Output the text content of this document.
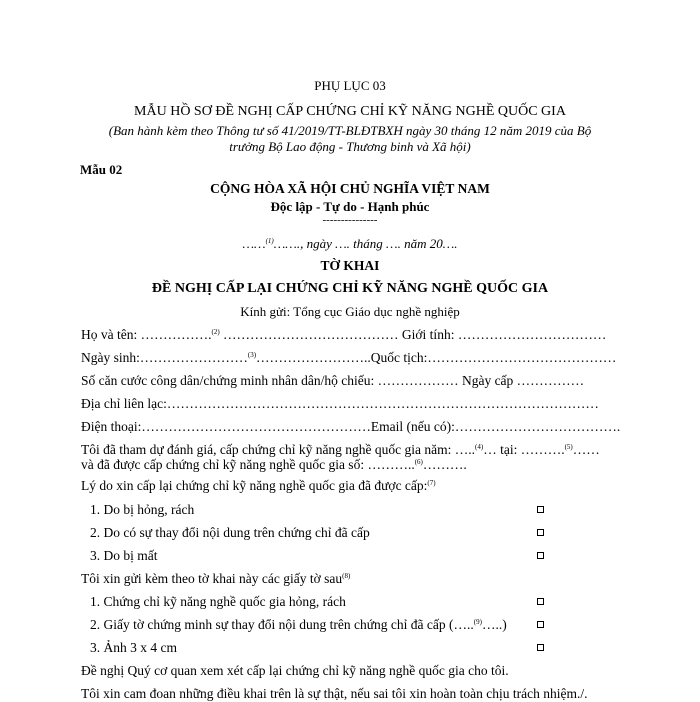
PHỤ LỤC 03
MẪU HỒ SƠ ĐỀ NGHỊ CẤP CHỨNG CHỈ KỸ NĂNG NGHỀ QUỐC GIA
(Ban hành kèm theo Thông tư số 41/2019/TT-BLĐTBXH ngày 30 tháng 12 năm 2019 của Bộ
trưởng Bộ Lao động - Thương binh và Xã hội)
Mẫu 02
CỘNG HÒA XÃ HỘI CHỦ NGHĨA VIỆT NAM
Độc lập - Tự do - Hạnh phúc
---------------
……$^{(1)}$……., ngày …. tháng …. năm 20….
TỜ KHAI
ĐỀ NGHỊ CẤP LẠI CHỨNG CHỈ KỸ NĂNG NGHỀ QUỐC GIA
Kính gửi: Tổng cục Giáo dục nghề nghiệp
Họ và tên: …………….$^{(2)}$ ………………………………… Giới tính: ……………………………
Ngày sinh:……………………$^{(3)}$……………………..Quốc tịch:……………………………………
Số căn cước công dân/chứng minh nhân dân/hộ chiếu: ……………… Ngày cấp ……………
Địa chỉ liên lạc:……………………………………………………………………………………
Điện thoại:……………………………………………Email (nếu có):……………………………….
Tôi đã tham dự đánh giá, cấp chứng chỉ kỹ năng nghề quốc gia năm: …..$^{(4)}$… tại: ……….$^{(5)}$……
và đã được cấp chứng chỉ kỹ năng nghề quốc gia số: ………..$^{(6)}$……….
Lý do xin cấp lại chứng chỉ kỹ năng nghề quốc gia đã được cấp:$^{(7)}$
1. Do bị hỏng, rách
2. Do có sự thay đổi nội dung trên chứng chỉ đã cấp
3. Do bị mất
Tôi xin gửi kèm theo tờ khai này các giấy tờ sau$^{(8)}$
1. Chứng chỉ kỹ năng nghề quốc gia hỏng, rách
2. Giấy tờ chứng minh sự thay đổi nội dung trên chứng chỉ đã cấp (…..$^{(9)}$…..)
3. Ảnh 3 x 4 cm
Đề nghị Quý cơ quan xem xét cấp lại chứng chỉ kỹ năng nghề quốc gia cho tôi.
Tôi xin cam đoan những điều khai trên là sự thật, nếu sai tôi xin hoàn toàn chịu trách nhiệm./.
